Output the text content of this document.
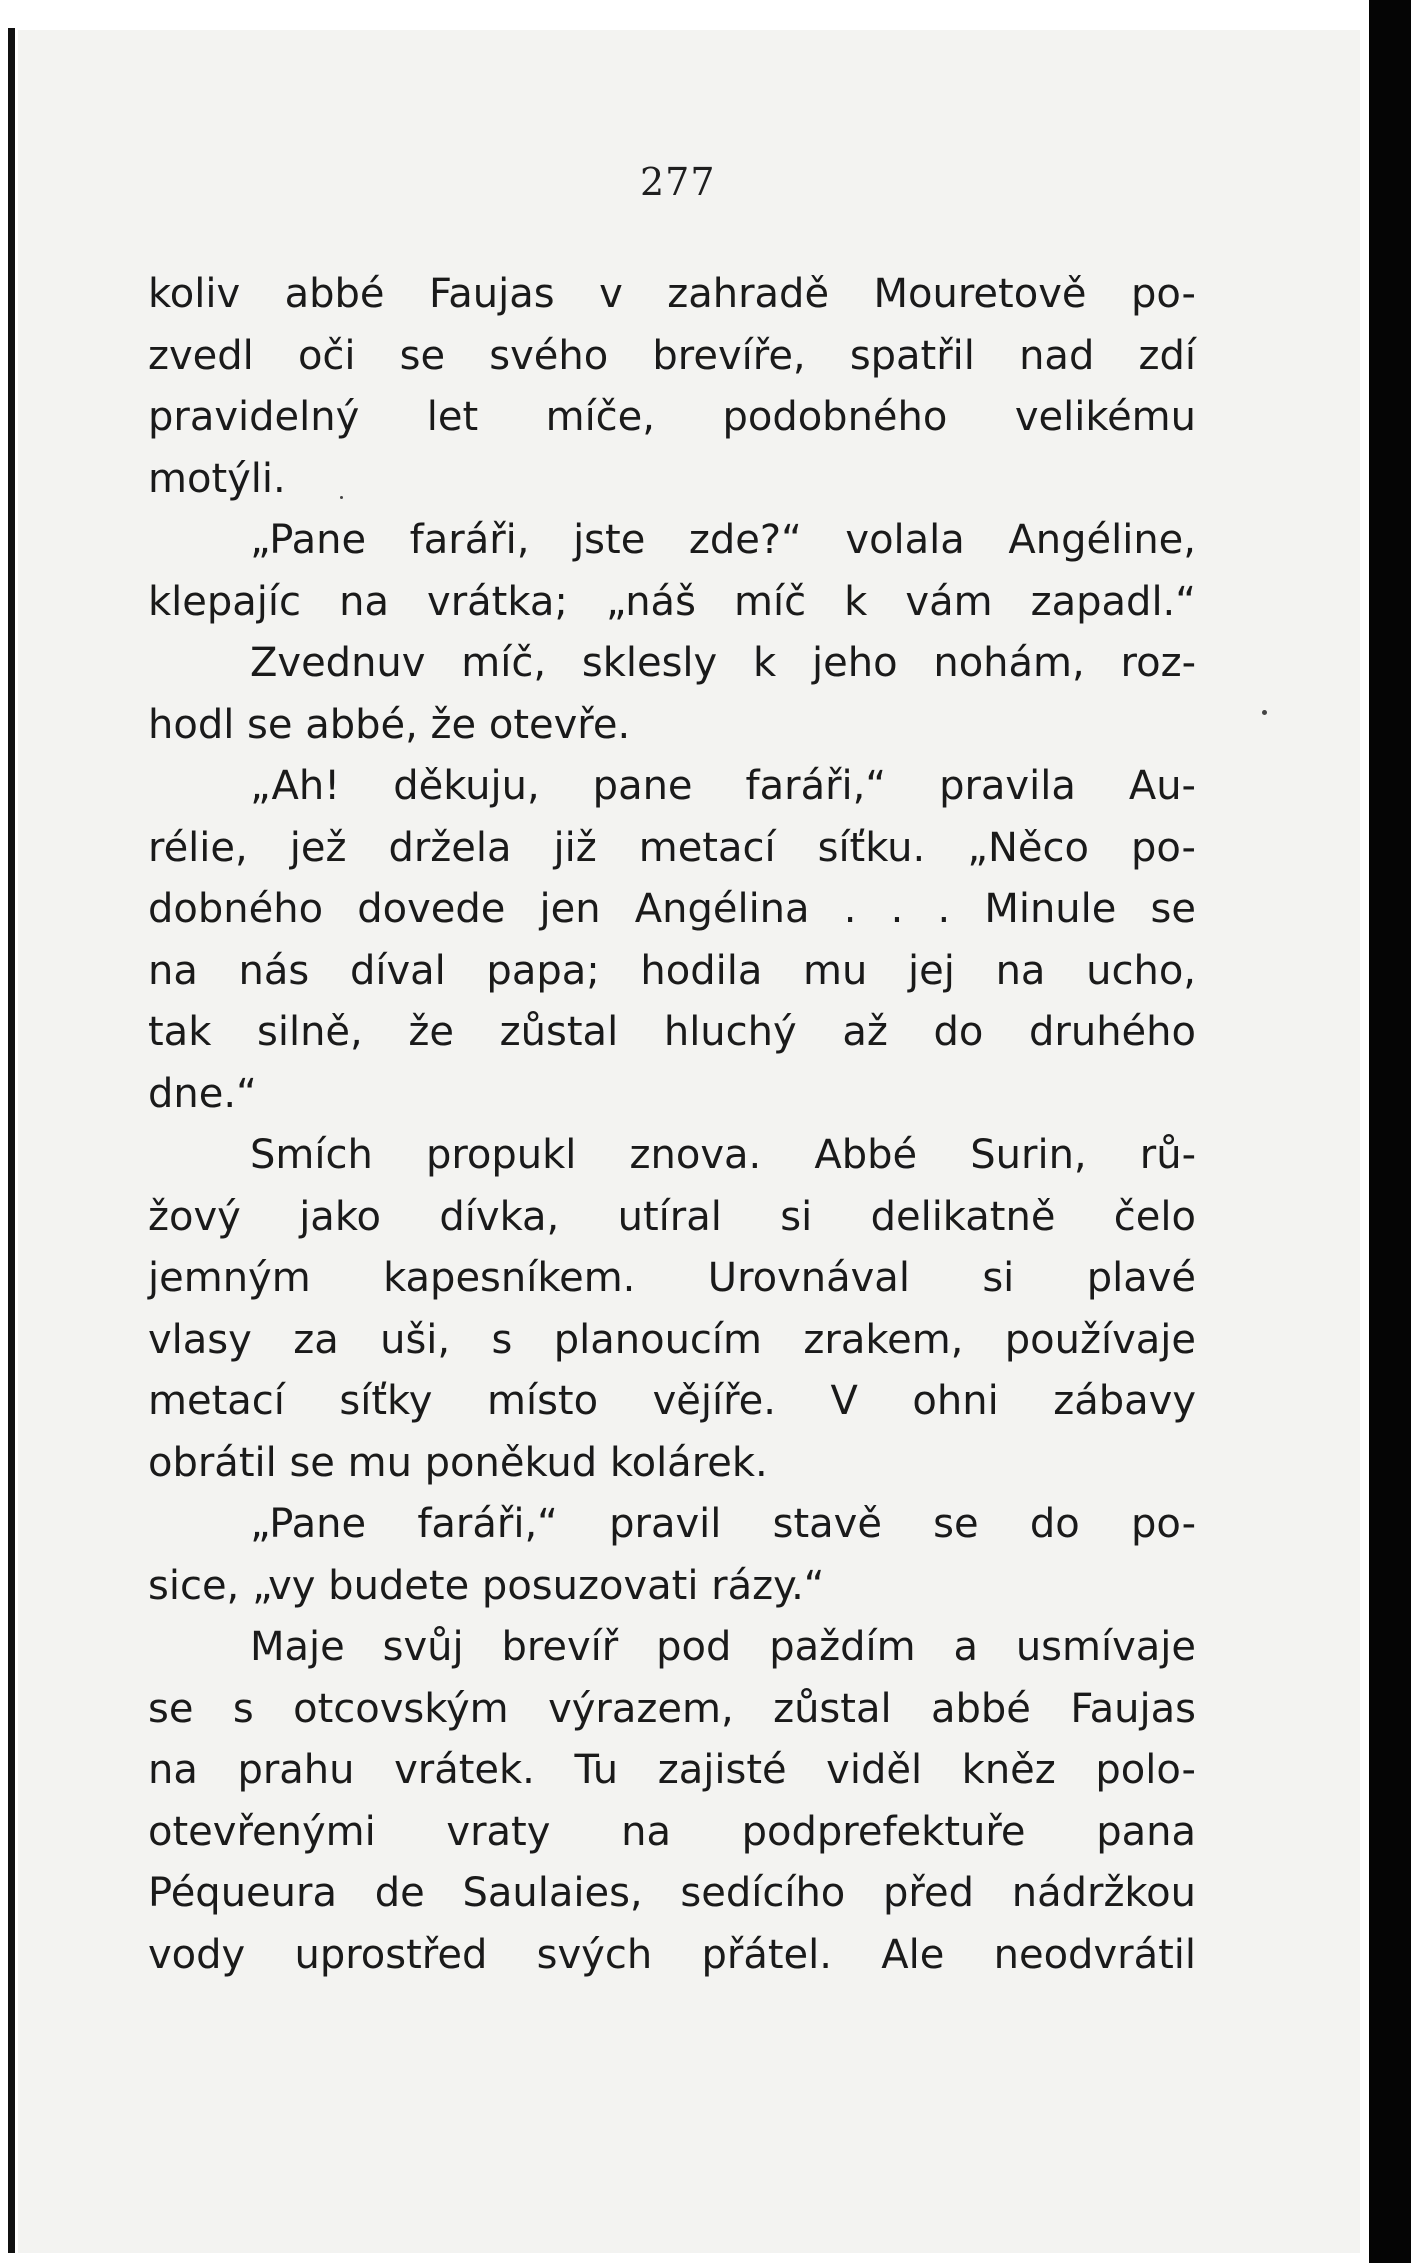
277
koliv abbé Faujas v zahradě Mouretově po-
zvedl oči se svého brevíře, spatřil nad zdí
pravidelný let míče, podobného velikému
motýli.
„Pane faráři, jste zde?“ volala Angéline,
klepajíc na vrátka; „náš míč k vám zapadl.“
Zvednuv míč, sklesly k jeho nohám, roz-
hodl se abbé, že otevře.
„Ah! děkuju, pane faráři,“ pravila Au-
rélie, jež držela již metací síťku. „Něco po-
dobného dovede jen Angélina . . . Minule se
na nás díval papa; hodila mu jej na ucho,
tak silně, že zůstal hluchý až do druhého
dne.“
Smích propukl znova. Abbé Surin, rů-
žový jako dívka, utíral si delikatně čelo
jemným kapesníkem. Urovnával si plavé
vlasy za uši, s planoucím zrakem, používaje
metací síťky místo vějíře. V ohni zábavy
obrátil se mu poněkud kolárek.
„Pane faráři,“ pravil stavě se do po-
sice, „vy budete posuzovati rázy.“
Maje svůj brevíř pod paždím a usmívaje
se s otcovským výrazem, zůstal abbé Faujas
na prahu vrátek. Tu zajisté viděl kněz polo-
otevřenými vraty na podprefektuře pana
Péqueura de Saulaies, sedícího před nádržkou
vody uprostřed svých přátel. Ale neodvrátil
